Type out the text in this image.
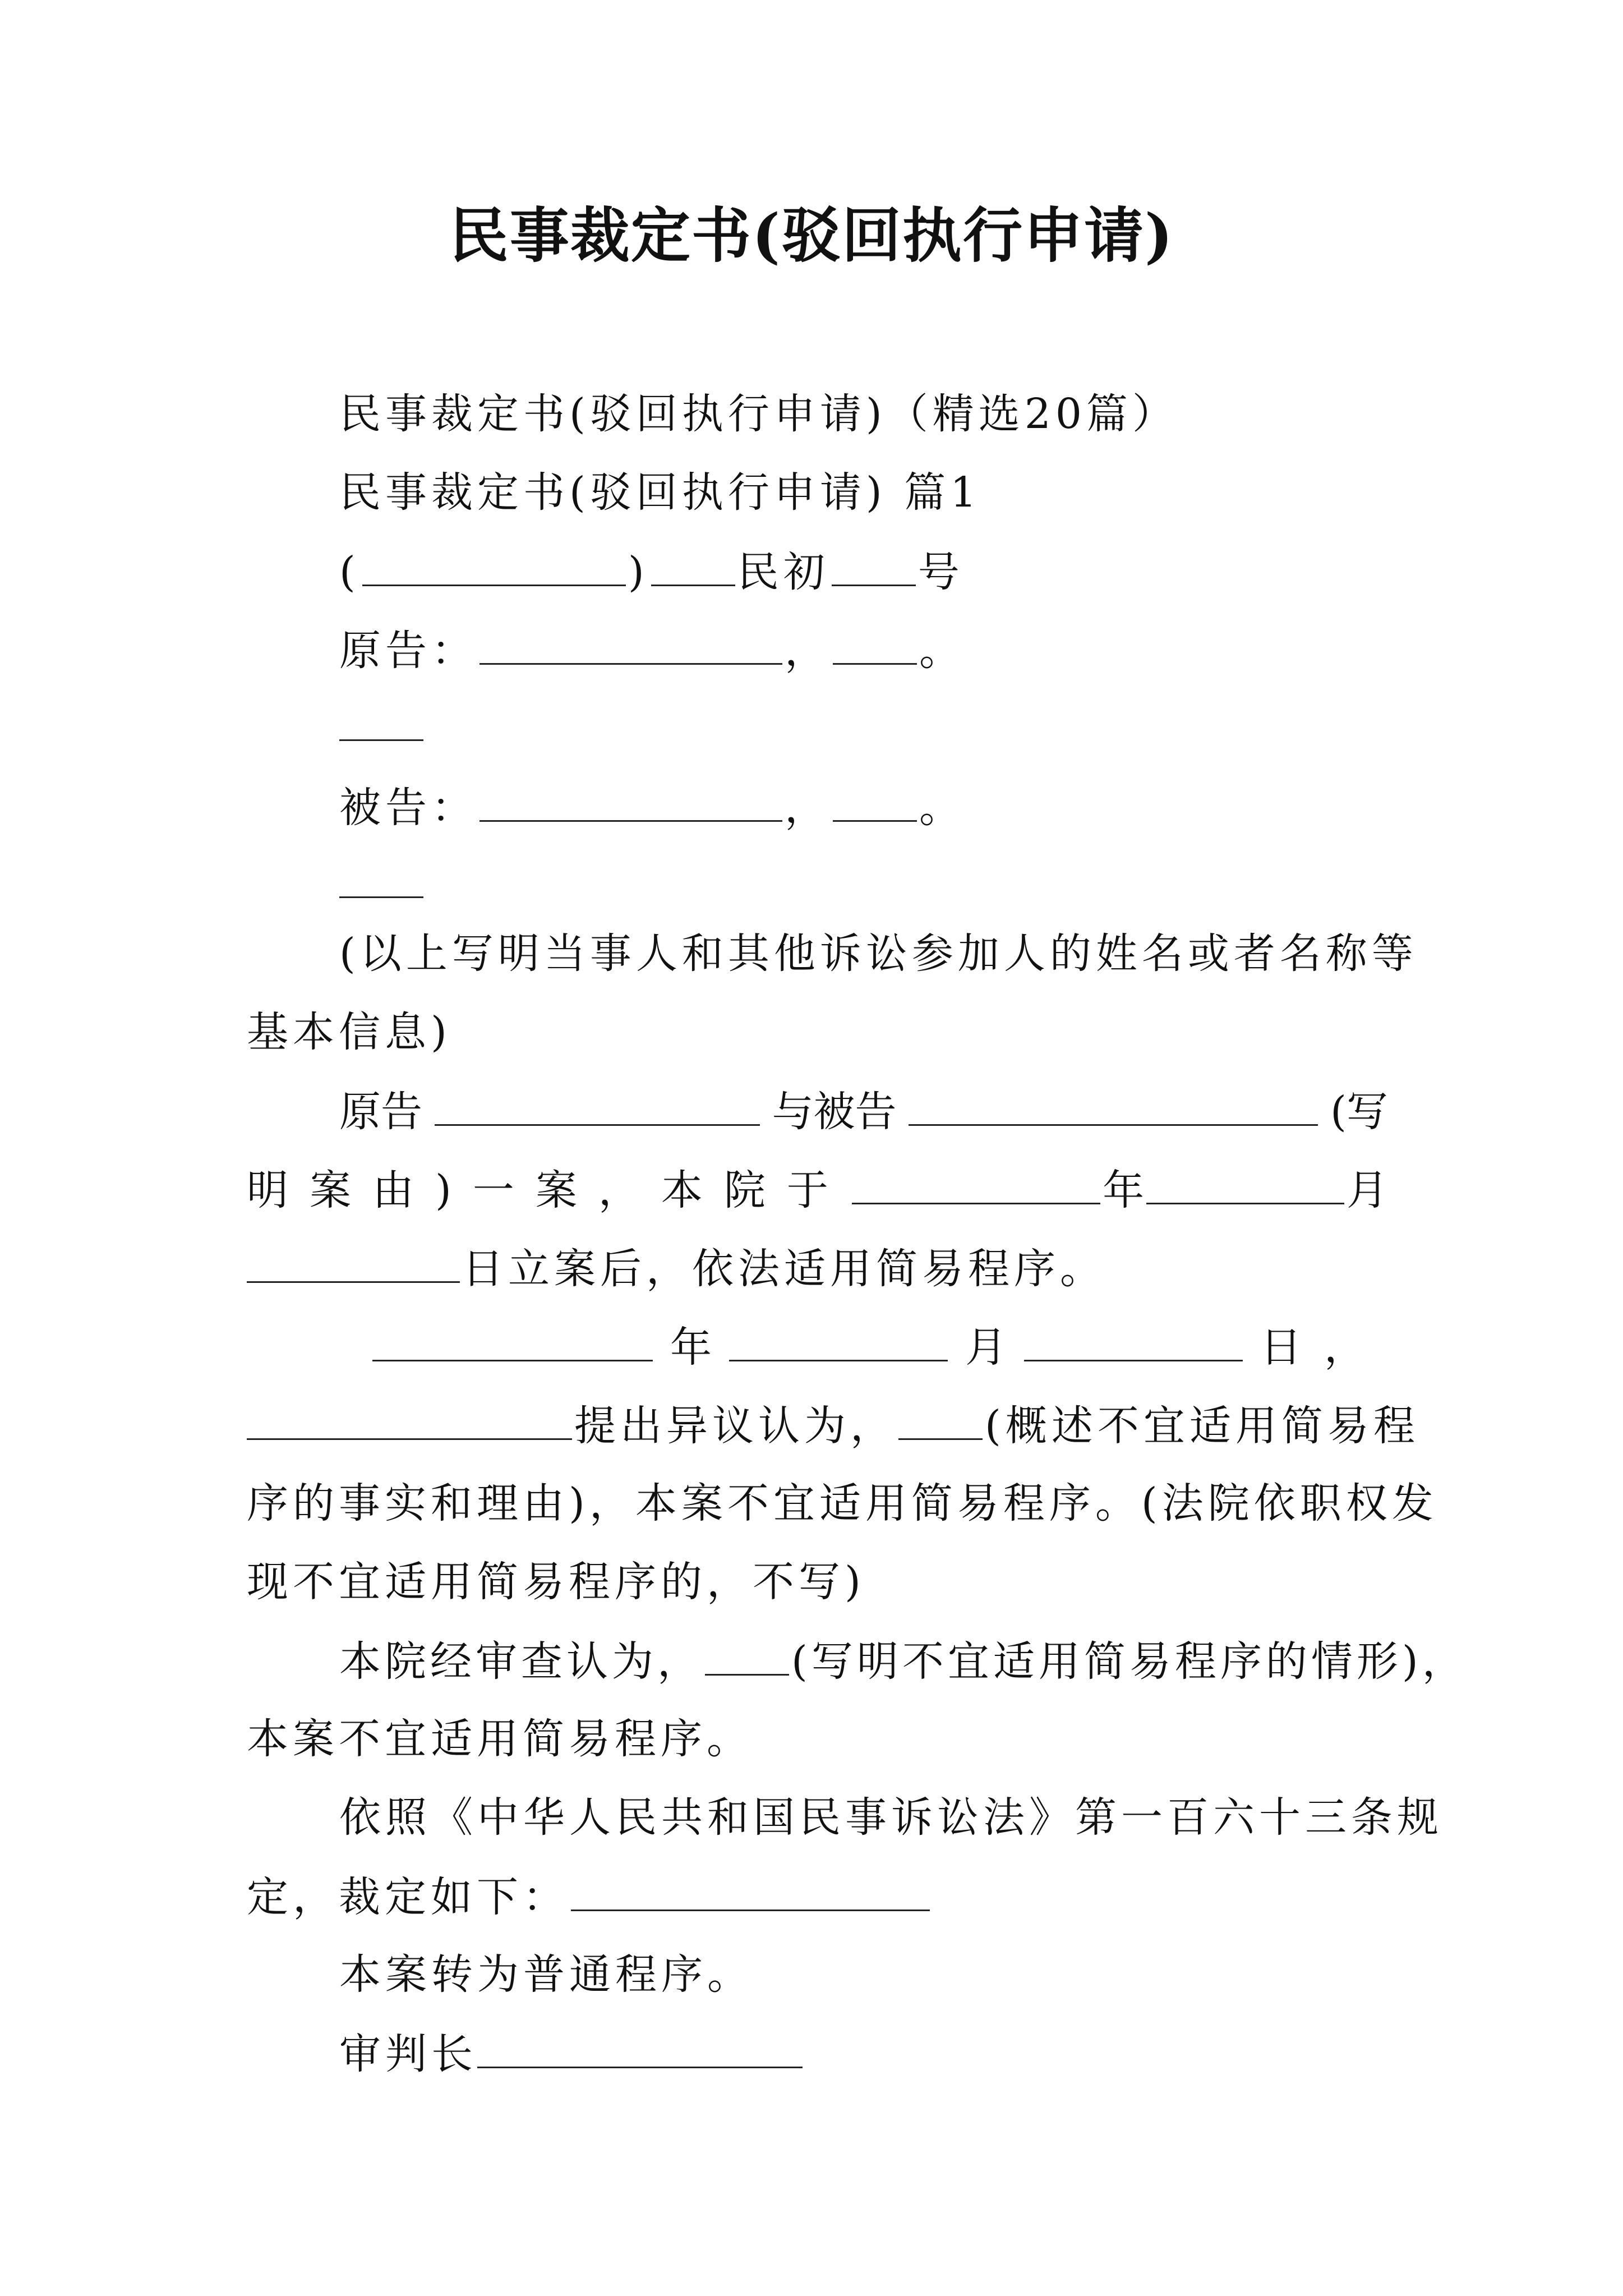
民事裁定书(驳回执行申请)
民事裁定书(驳回执行申请)（精选20篇）
民事裁定书(驳回执行申请) 篇1
(	) 民初 号
原告：	， 。
被告：	， 。
(以上写明当事人和其他诉讼参加人的姓名或者名称等
基本信息)
原告	与被告	(写
明案由)一案，本院于	年	月
日立案后，依法适用简易程序。
年	月	日，
提出异议认为， (概述不宜适用简易程
序的事实和理由)，本案不宜适用简易程序。(法院依职权发
现不宜适用简易程序的，不写)
本院经审查认为， (写明不宜适用简易程序的情形)，
本案不宜适用简易程序。
依照《中华人民共和国民事诉讼法》第一百六十三条规
定，裁定如下：
本案转为普通程序。
审判长
